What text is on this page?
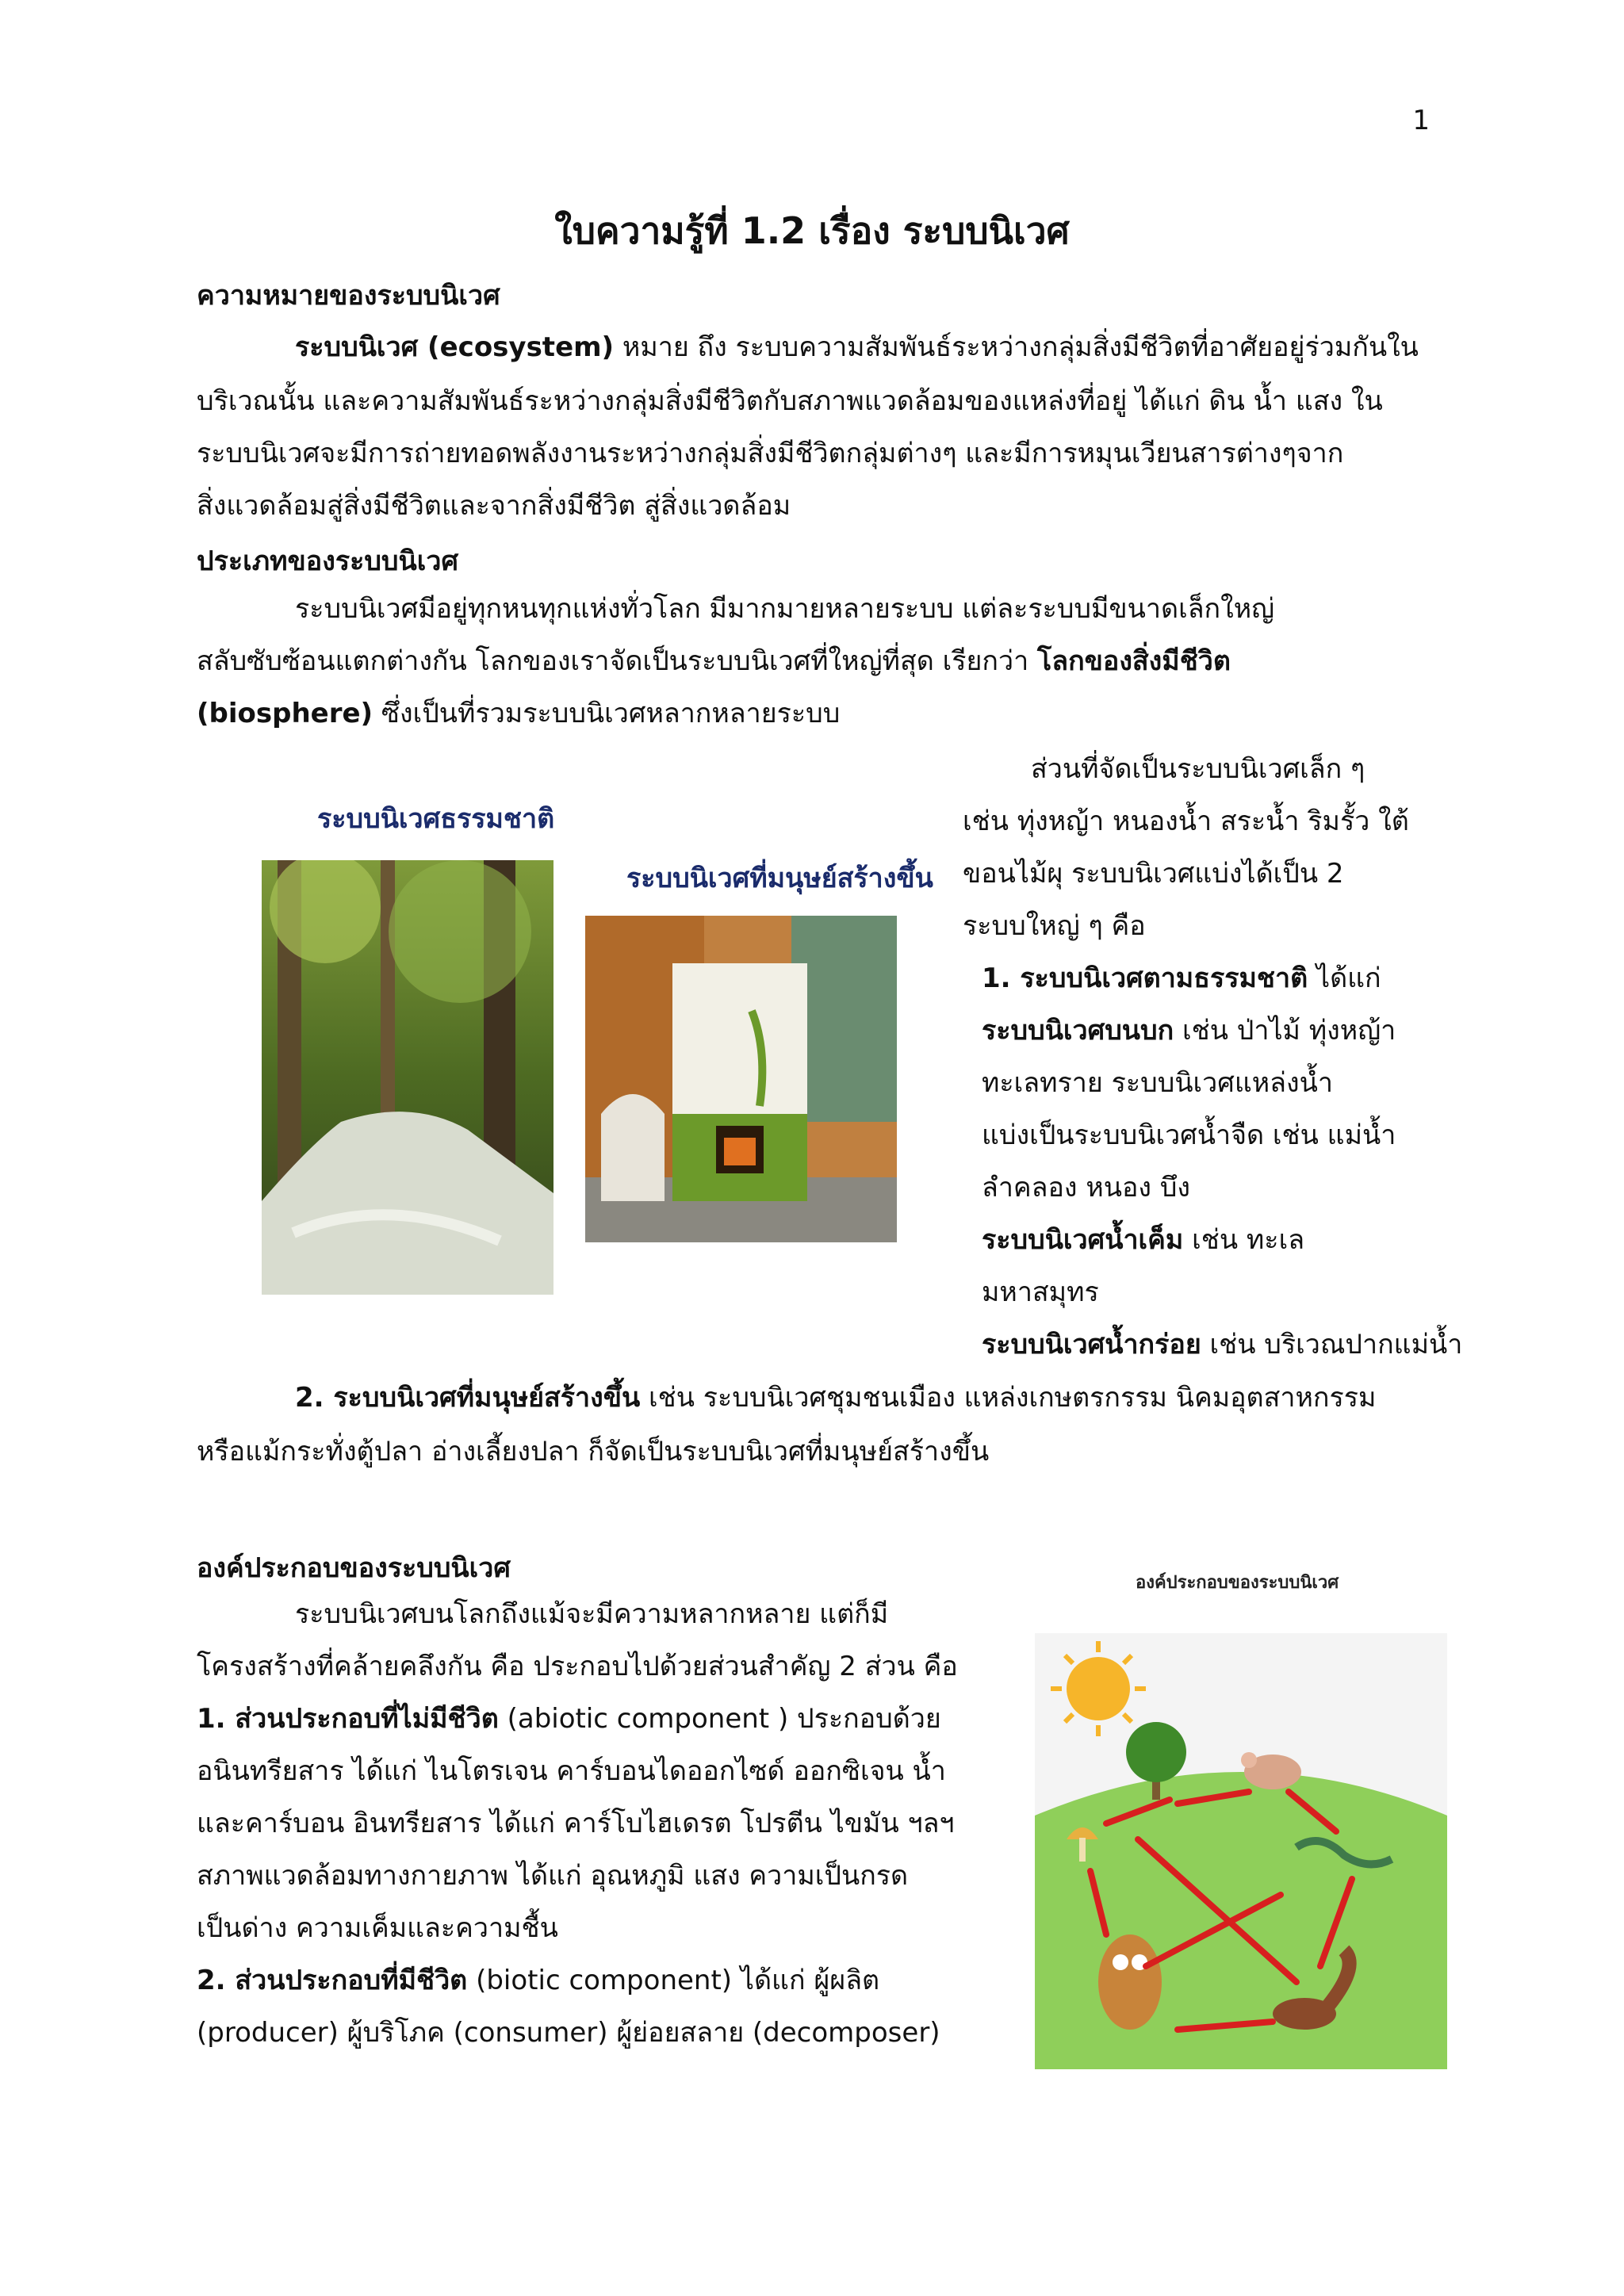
1
ใบความรู้ที่ 1.2 เรื่อง ระบบนิเวศ
ความหมายของระบบนิเวศ
ระบบนิเวศ (ecosystem) หมาย ถึง ระบบความสัมพันธ์ระหว่างกลุ่มสิ่งมีชีวิตที่อาศัยอยู่ร่วมกันใน
บริเวณนั้น และความสัมพันธ์ระหว่างกลุ่มสิ่งมีชีวิตกับสภาพแวดล้อมของแหล่งที่อยู่ ได้แก่ ดิน น้ำ แสง ใน
ระบบนิเวศจะมีการถ่ายทอดพลังงานระหว่างกลุ่มสิ่งมีชีวิตกลุ่มต่างๆ และมีการหมุนเวียนสารต่างๆจาก
สิ่งแวดล้อมสู่สิ่งมีชีวิตและจากสิ่งมีชีวิต สู่สิ่งแวดล้อม
ประเภทของระบบนิเวศ
ระบบนิเวศมีอยู่ทุกหนทุกแห่งทั่วโลก มีมากมายหลายระบบ แต่ละระบบมีขนาดเล็กใหญ่
สลับซับซ้อนแตกต่างกัน โลกของเราจัดเป็นระบบนิเวศที่ใหญ่ที่สุด เรียกว่า โลกของสิ่งมีชีวิต
(biosphere) ซึ่งเป็นที่รวมระบบนิเวศหลากหลายระบบ
ระบบนิเวศธรรมชาติ
ระบบนิเวศที่มนุษย์สร้างขึ้น
ส่วนที่จัดเป็นระบบนิเวศเล็ก ๆ
เช่น ทุ่งหญ้า หนองน้ำ สระน้ำ ริมรั้ว ใต้
ขอนไม้ผุ ระบบนิเวศแบ่งได้เป็น 2
ระบบใหญ่ ๆ คือ
1. ระบบนิเวศตามธรรมชาติ ได้แก่
ระบบนิเวศบนบก เช่น ป่าไม้ ทุ่งหญ้า
ทะเลทราย ระบบนิเวศแหล่งน้ำ
แบ่งเป็นระบบนิเวศน้ำจืด เช่น แม่น้ำ
ลำคลอง หนอง บึง
ระบบนิเวศน้ำเค็ม เช่น ทะเล
มหาสมุทร
ระบบนิเวศน้ำกร่อย เช่น บริเวณปากแม่น้ำ
2. ระบบนิเวศที่มนุษย์สร้างขึ้น เช่น ระบบนิเวศชุมชนเมือง แหล่งเกษตรกรรม นิคมอุตสาหกรรม
หรือแม้กระทั่งตู้ปลา อ่างเลี้ยงปลา ก็จัดเป็นระบบนิเวศที่มนุษย์สร้างขึ้น
องค์ประกอบของระบบนิเวศ
ระบบนิเวศบนโลกถึงแม้จะมีความหลากหลาย แต่ก็มี
โครงสร้างที่คล้ายคลึงกัน คือ ประกอบไปด้วยส่วนสำคัญ 2 ส่วน คือ
1. ส่วนประกอบที่ไม่มีชีวิต (abiotic component ) ประกอบด้วย
อนินทรียสาร ได้แก่ ไนโตรเจน คาร์บอนไดออกไซด์ ออกซิเจน น้ำ
และคาร์บอน อินทรียสาร ได้แก่ คาร์โบไฮเดรต โปรตีน ไขมัน ฯลฯ
สภาพแวดล้อมทางกายภาพ ได้แก่ อุณหภูมิ แสง ความเป็นกรด
เป็นด่าง ความเค็มและความชื้น
2. ส่วนประกอบที่มีชีวิต (biotic component) ได้แก่ ผู้ผลิต
(producer) ผู้บริโภค (consumer) ผู้ย่อยสลาย (decomposer)
องค์ประกอบของระบบนิเวศ
